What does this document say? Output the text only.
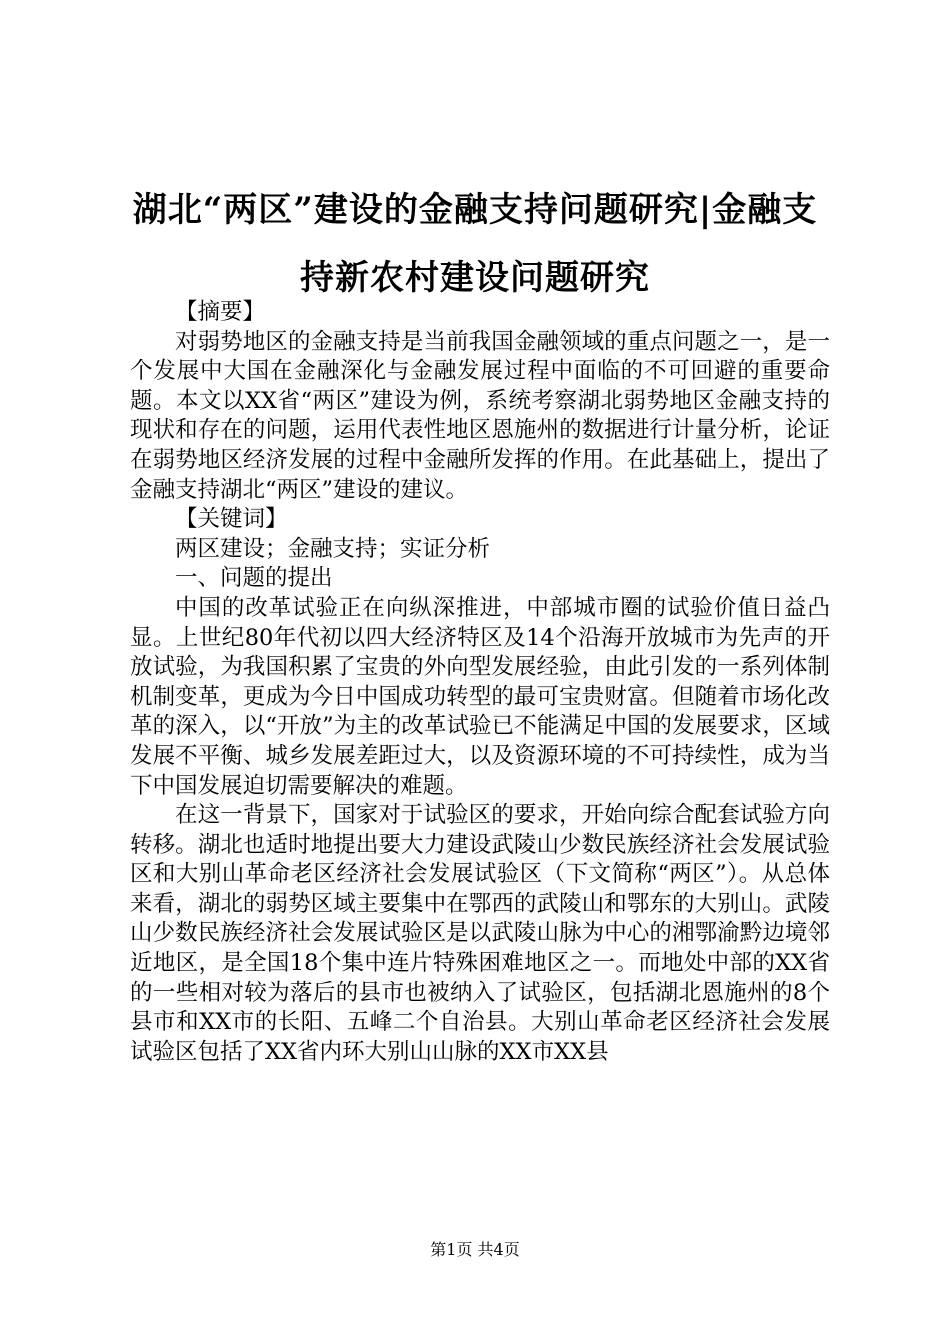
湖北“两区”建设的金融支持问题研究|金融支持新农村建设问题研究

【摘要】

对弱势地区的金融支持是当前我国金融领域的重点问题之一，是一个发展中大国在金融深化与金融发展过程中面临的不可回避的重要命题。本文以XX省“两区”建设为例，系统考察湖北弱势地区金融支持的现状和存在的问题，运用代表性地区恩施州的数据进行计量分析，论证在弱势地区经济发展的过程中金融所发挥的作用。在此基础上，提出了金融支持湖北“两区”建设的建议。

【关键词】

两区建设；金融支持；实证分析

一、问题的提出

中国的改革试验正在向纵深推进，中部城市圈的试验价值日益凸显。上世纪80年代初以四大经济特区及14个沿海开放城市为先声的开放试验，为我国积累了宝贵的外向型发展经验，由此引发的一系列体制机制变革，更成为今日中国成功转型的最可宝贵财富。但随着市场化改革的深入，以“开放”为主的改革试验已不能满足中国的发展要求，区域发展不平衡、城乡发展差距过大，以及资源环境的不可持续性，成为当下中国发展迫切需要解决的难题。

在这一背景下，国家对于试验区的要求，开始向综合配套试验方向转移。湖北也适时地提出要大力建设武陵山少数民族经济社会发展试验区和大别山革命老区经济社会发展试验区（下文简称“两区”）。从总体来看，湖北的弱势区域主要集中在鄂西的武陵山和鄂东的大别山。武陵山少数民族经济社会发展试验区是以武陵山脉为中心的湘鄂渝黔边境邻近地区，是全国18个集中连片特殊困难地区之一。而地处中部的XX省的一些相对较为落后的县市也被纳入了试验区，包括湖北恩施州的8个县市和XX市的长阳、五峰二个自治县。大别山革命老区经济社会发展试验区包括了XX省内环大别山山脉的XX市XX县

第1页 共4页
